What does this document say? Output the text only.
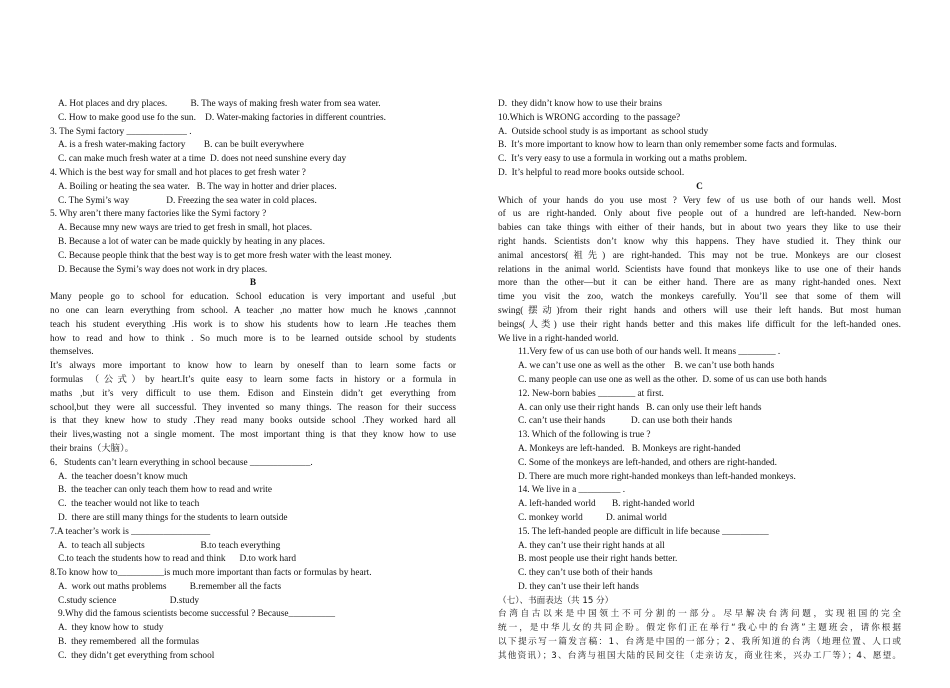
A. Hot places and dry places.          B. The ways of making fresh water from sea water.
C. How to make good use fo the sun.    D. Water-making factories in different countries.
3. The Symi factory _____________ .
A. is a fresh water-making factory        B. can be built everywhere
C. can make much fresh water at a time  D. does not need sunshine every day
4. Which is the best way for small and hot places to get fresh water ?
A. Boiling or heating the sea water.   B. The way in hotter and drier places.
C. The Symi’s way                D. Freezing the sea water in cold places.
5. Why aren’t there many factories like the Symi factory ?
A. Because mny new ways are tried to get fresh in small, hot places.
B. Because a lot of water can be made quickly by heating in any places.
C. Because people think that the best way is to get more fresh water with the least money.
D. Because the Symi’s way does not work in dry places.
B
Many people go to school for education. School education is very important and useful ,but
no one can learn everything from school. A teacher ,no matter how much he knows ,cannnot
teach his student everything .His work is to show his students how to learn .He teaches them
how to read and how to think . So much more is to be learned outside school by students
themselves.
It’s always more important to know how to learn by oneself than to learn some facts or
formulas （公式）by heart.It’s quite easy to learn some facts in history or a formula in
maths ,but it’s very difficult to use them. Edison and Einstein didn’t get everything from
school,but they were all successful. They invented so many things. The reason for their success
is that they knew how to study .They read many books outside school .They worked hard all
their lives,wasting not a single moment. The most important thing is that they know how to use
their brains（大脑）。
6．Students can’t learn everything in school because _____________.
A.  the teacher doesn’t know much
B.  the teacher can only teach them how to read and write
C.  the teacher would not like to teach
D.  there are still many things for the students to learn outside
7.A teacher’s work is _________________
A.  to teach all subjects                        B.to teach everything
C.to teach the students how to read and think      D.to work hard
8.To know how to__________is much more important than facts or formulas by heart.
A.  work out maths problems          B.remember all the facts
C.study science                       D.study
9.Why did the famous scientists become successful ? Because__________
A.  they know how to  study
B.  they remembered  all the formulas
C.  they didn’t get everything from school
D.  they didn’t know how to use their brains
10.Which is WRONG according  to the passage?
A.  Outside school study is as important  as school study
B.  It’s more important to know how to learn than only remember some facts and formulas.
C.  It’s very easy to use a formula in working out a maths problem.
D.  It’s helpful to read more books outside school.
C
Which of your hands do you use most ? Very few of us use both of our hands well. Most
of us are right-handed. Only about five people out of a hundred are left-handed. New-born
babies can take things with either of their hands, but in about two years they like to use their
right hands. Scientists don’t know why this happens. They have studied it. They think our
animal ancestors(祖先) are right-handed. This may not be true. Monkeys are our closest
relations in the animal world. Scientists have found that monkeys like to use one of their hands
more than the other—but it can be either hand. There are as many right-handed ones. Next
time you visit the zoo, watch the monkeys carefully. You’ll see that some of them will
swing(摆动)from their right hands and others will use their left hands. But most human
beings(人类) use their right hands better and this makes life difficult for the left-handed ones.
We live in a right-handed world.
11.Very few of us can use both of our hands well. It means ________ .
A. we can’t use one as well as the other    B. we can’t use both hands
C. many people can use one as well as the other.  D. some of us can use both hands
12. New-born babies ________ at first.
A. can only use their right hands   B. can only use their left hands
C. can’t use their hands           D. can use both their hands
13. Which of the following is true ?
A. Monkeys are left-handed.   B. Monkeys are right-handed
C. Some of the monkeys are left-handed, and others are right-handed.
D. There are much more right-handed monkeys than left-handed monkeys.
14. We live in a _________ .
A. left-handed world       B. right-handed world
C. monkey world          D. animal world
15. The left-handed people are difficult in life because __________
A. they can’t use their right hands at all
B. most people use their right hands better.
C. they can’t use both of their hands
D. they can’t use their left hands
（七）、书面表达（共 15 分）
台湾自古以来是中国领土不可分割的一部分。尽早解决台湾问题，实现祖国的完全
统一，是中华儿女的共同企盼。假定你们正在举行“我心中的台湾”主题班会，请你根据
以下提示写一篇发言稿：1、台湾是中国的一部分；2、我所知道的台湾（地理位置、人口或
其他资讯）；3、台湾与祖国大陆的民间交往（走亲访友，商业往来，兴办工厂等）；4、愿望。
